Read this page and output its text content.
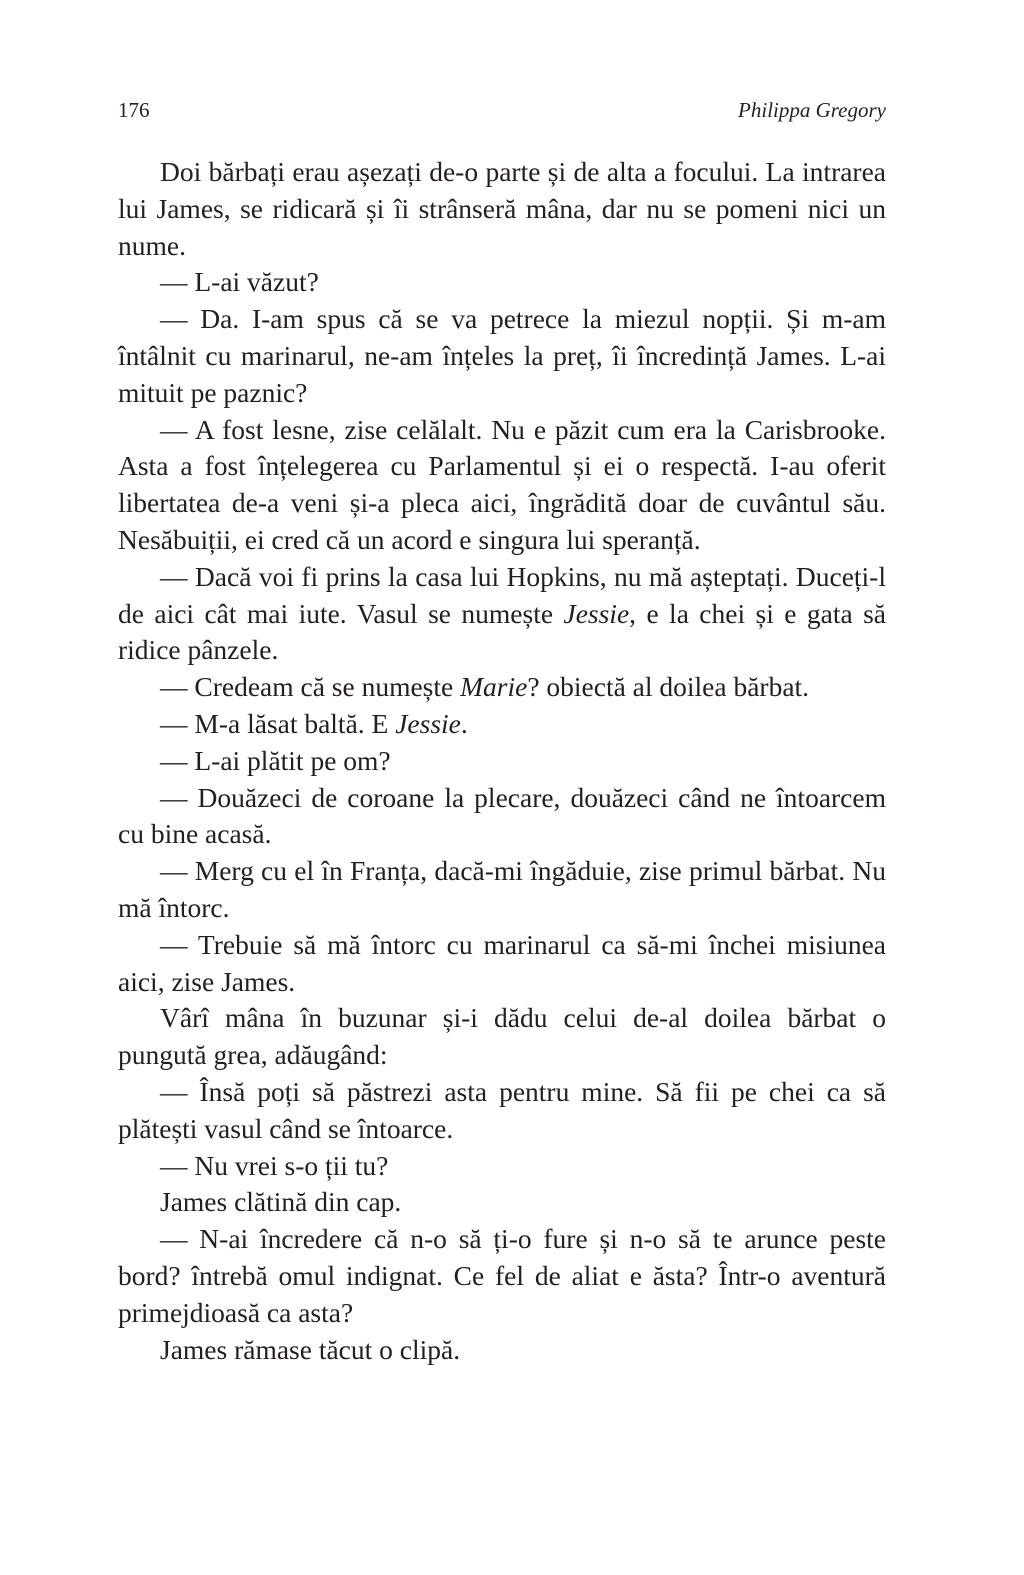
176	Philippa Gregory

Doi bărbați erau așezați de-o parte și de alta a focului. La intrarea lui James, se ridicară și îi strânseră mâna, dar nu se pomeni nici un nume.

— L-ai văzut?

— Da. I-am spus că se va petrece la miezul nopții. Și m-am întâlnit cu marinarul, ne-am înțeles la preț, îi încredință James. L-ai mituit pe paznic?

— A fost lesne, zise celălalt. Nu e păzit cum era la Carisbrooke. Asta a fost înțelegerea cu Parlamentul și ei o respectă. I-au oferit libertatea de-a veni și-a pleca aici, îngrădită doar de cuvântul său. Nesăbuiții, ei cred că un acord e singura lui speranță.

— Dacă voi fi prins la casa lui Hopkins, nu mă așteptați. Duceți-l de aici cât mai iute. Vasul se numește Jessie, e la chei și e gata să ridice pânzele.

— Credeam că se numește Marie? obiectă al doilea bărbat.

— M-a lăsat baltă. E Jessie.

— L-ai plătit pe om?

— Douăzeci de coroane la plecare, douăzeci când ne întoarcem cu bine acasă.

— Merg cu el în Franța, dacă-mi îngăduie, zise primul bărbat. Nu mă întorc.

— Trebuie să mă întorc cu marinarul ca să-mi închei misiunea aici, zise James.

Vârî mâna în buzunar și-i dădu celui de-al doilea bărbat o pungută grea, adăugând:

— Însă poți să păstrezi asta pentru mine. Să fii pe chei ca să plătești vasul când se întoarce.

— Nu vrei s-o ții tu?

James clătină din cap.

— N-ai încredere că n-o să ți-o fure și n-o să te arunce peste bord? întrebă omul indignat. Ce fel de aliat e ăsta? Într-o aventură primejdioasă ca asta?

James rămase tăcut o clipă.
